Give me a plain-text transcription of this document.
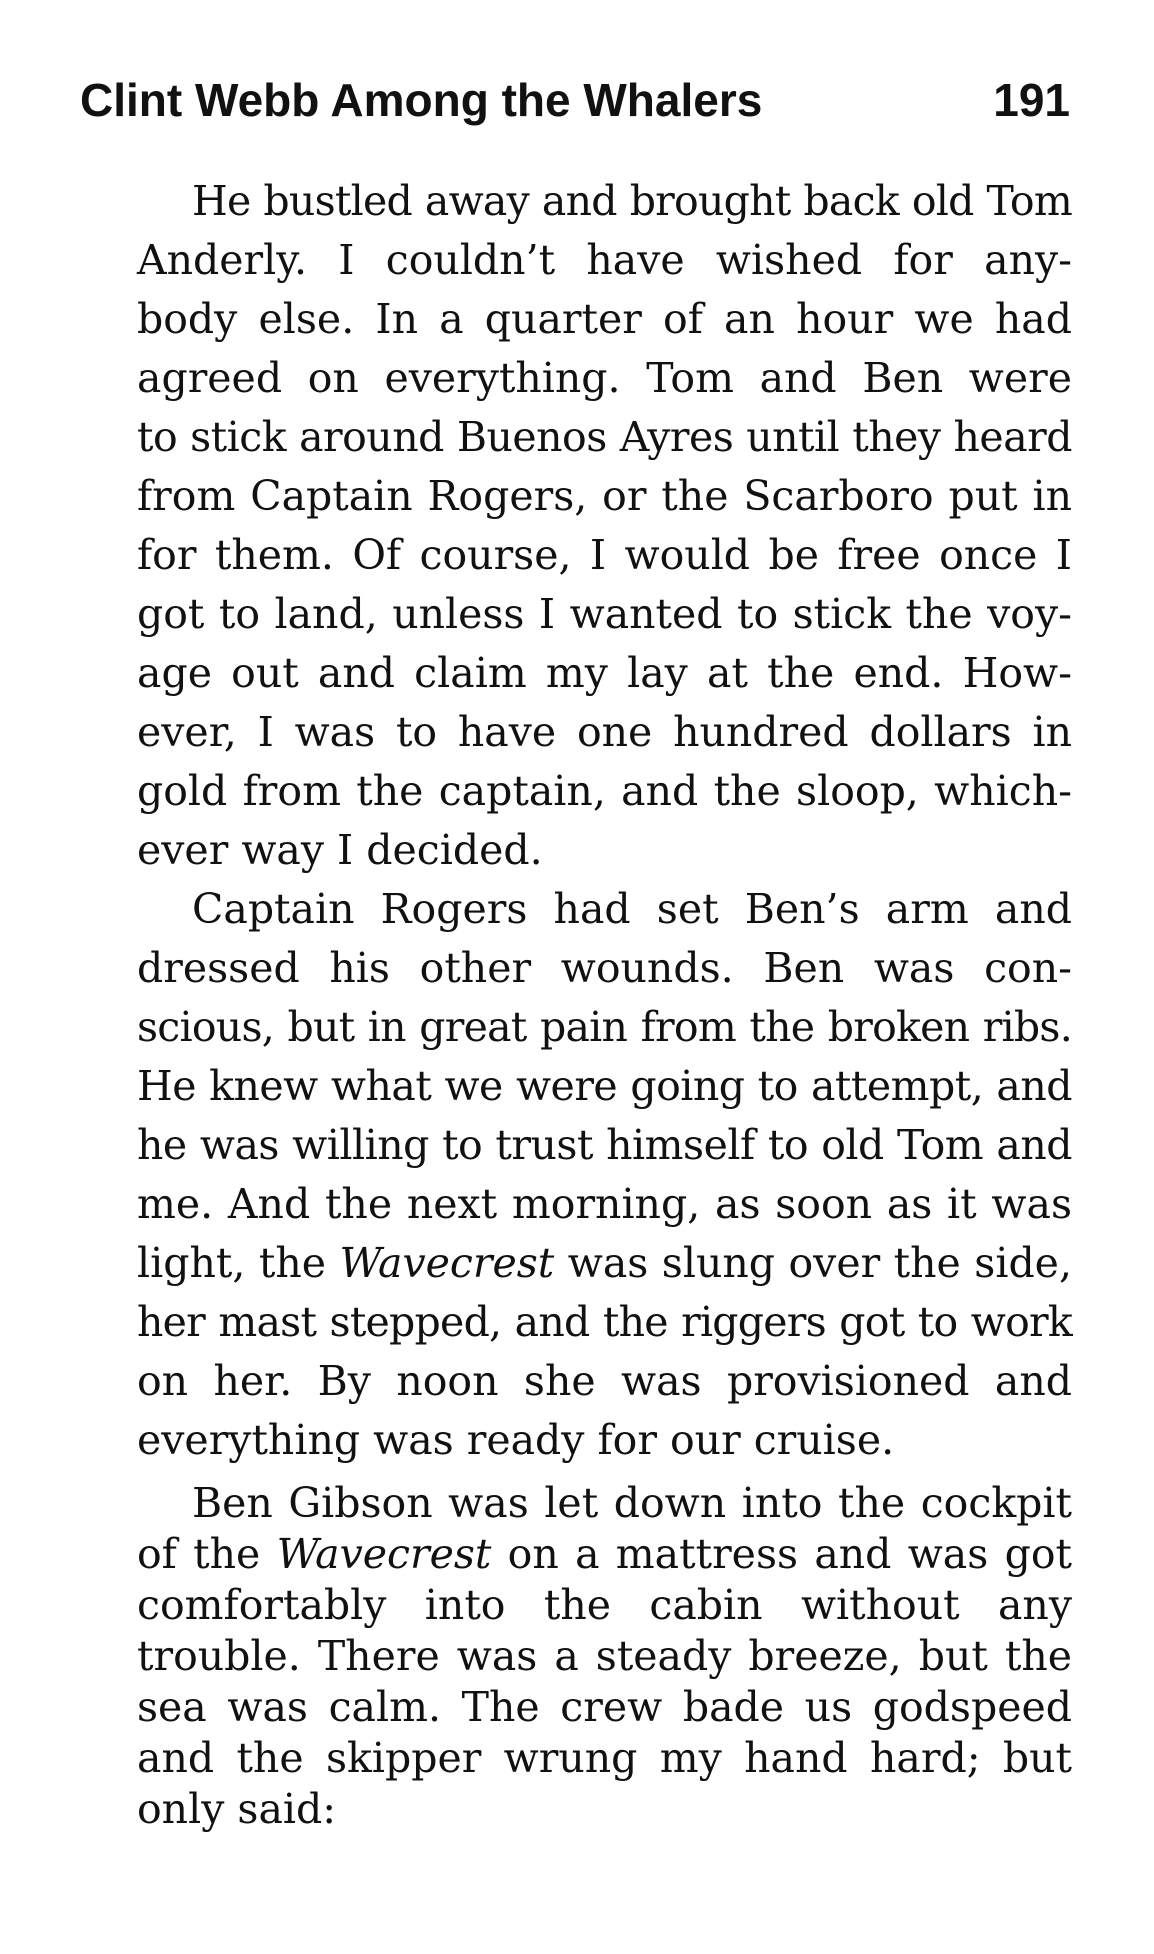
Clint Webb Among the Whalers	191
He bustled away and brought back old Tom
Anderly. I couldn’t have wished for any-
body else. In a quarter of an hour we had
agreed on everything. Tom and Ben were
to stick around Buenos Ayres until they heard
from Captain Rogers, or the Scarboro put in
for them. Of course, I would be free once I
got to land, unless I wanted to stick the voy-
age out and claim my lay at the end. How-
ever, I was to have one hundred dollars in
gold from the captain, and the sloop, which-
ever way I decided.
Captain Rogers had set Ben’s arm and
dressed his other wounds. Ben was con-
scious, but in great pain from the broken ribs.
He knew what we were going to attempt, and
he was willing to trust himself to old Tom and
me. And the next morning, as soon as it was
light, the Wavecrest was slung over the side,
her mast stepped, and the riggers got to work
on her. By noon she was provisioned and
everything was ready for our cruise.
Ben Gibson was let down into the cockpit
of the Wavecrest on a mattress and was got
comfortably into the cabin without any
trouble. There was a steady breeze, but the
sea was calm. The crew bade us godspeed
and the skipper wrung my hand hard; but
only said:
